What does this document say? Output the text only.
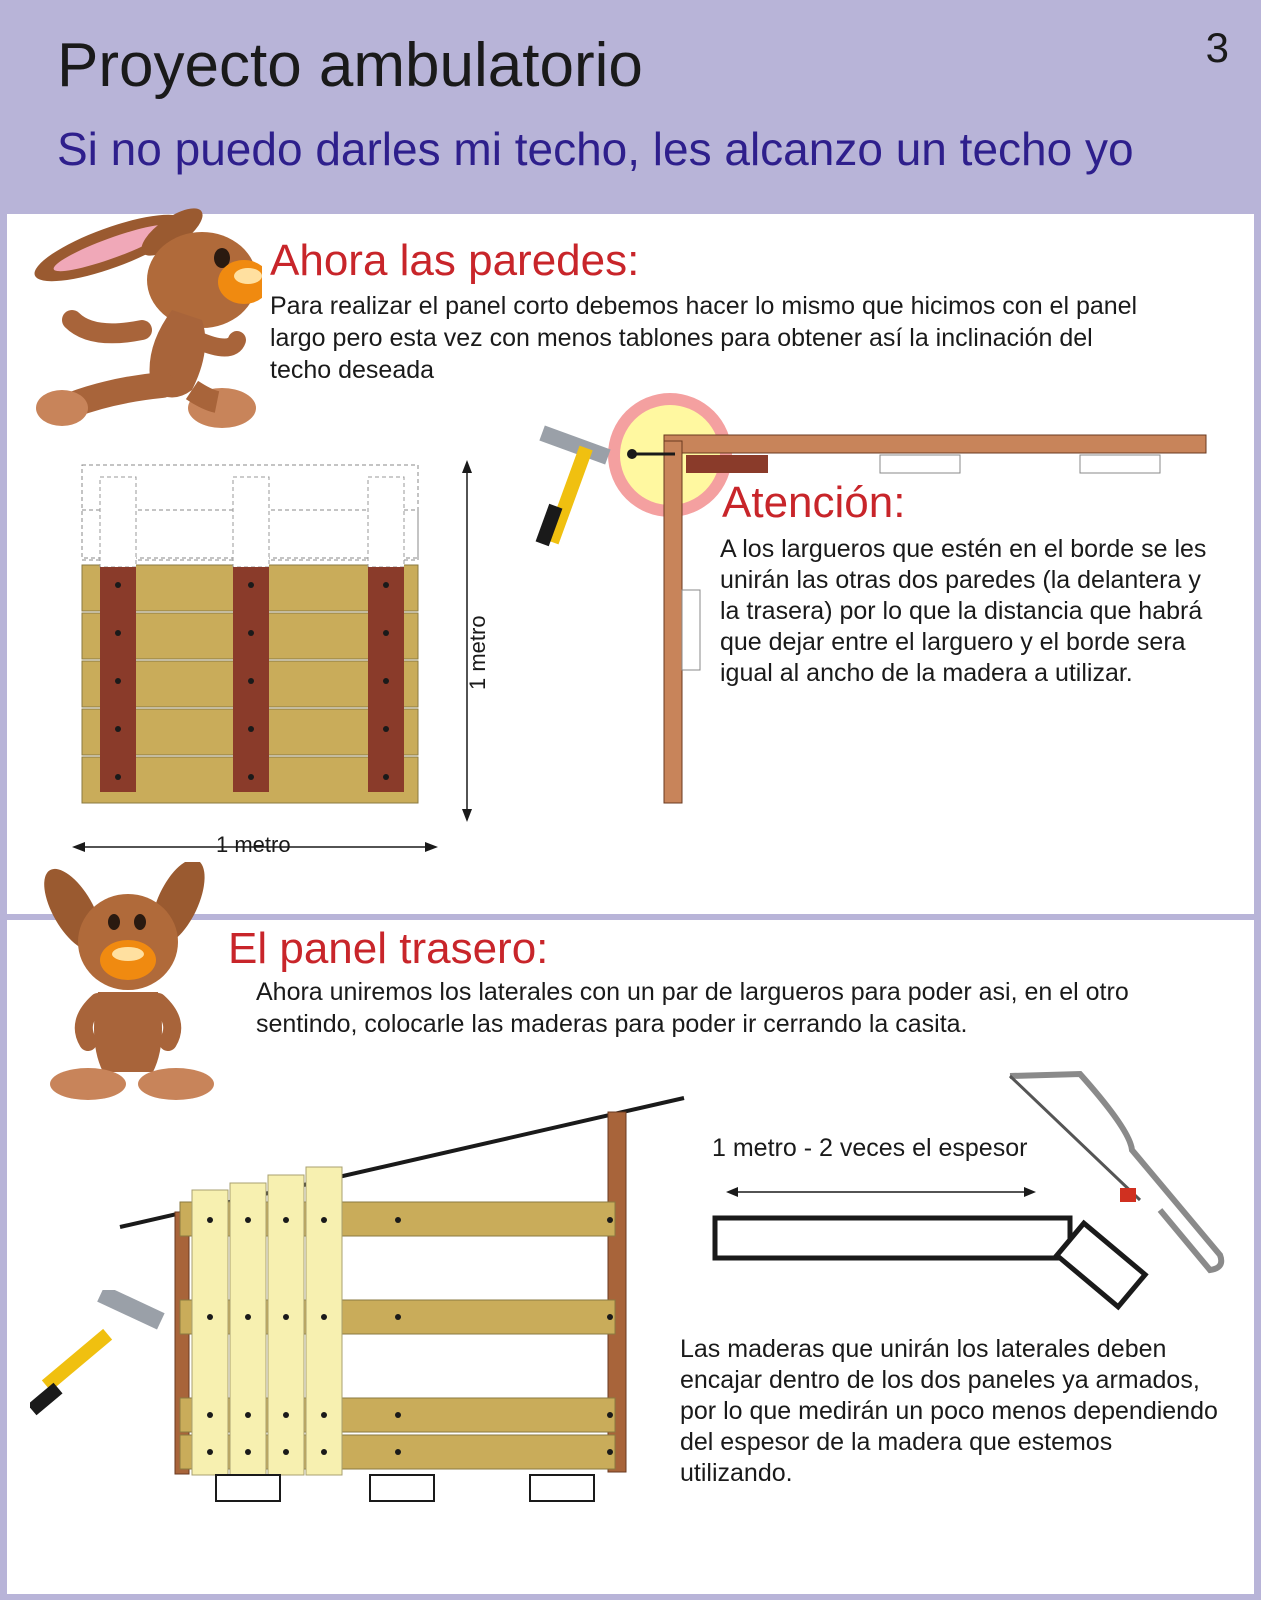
Proyecto ambulatorio
Si no puedo darles mi techo, les alcanzo un techo yo
3
Ahora las paredes:

Para realizar el panel corto debemos hacer lo mismo que hicimos con el panel largo pero esta vez con menos tablones para obtener así la inclinación del techo deseada

1 metro
1 metro
Atención:

A los largueros que estén en el borde se les unirán las otras dos paredes (la delantera y la trasera) por lo que la distancia que habrá que dejar entre el larguero y el borde sera igual al ancho de la madera a utilizar.

El panel trasero:

Ahora uniremos los laterales con un par de largueros para poder asi, en el otro sentindo, colocarle las maderas para poder ir cerrando la casita.

1 metro - 2 veces el espesor

Las maderas que unirán los laterales deben encajar dentro de los dos paneles ya armados, por lo que medirán un poco menos dependiendo del espesor de la madera que estemos utilizando.
